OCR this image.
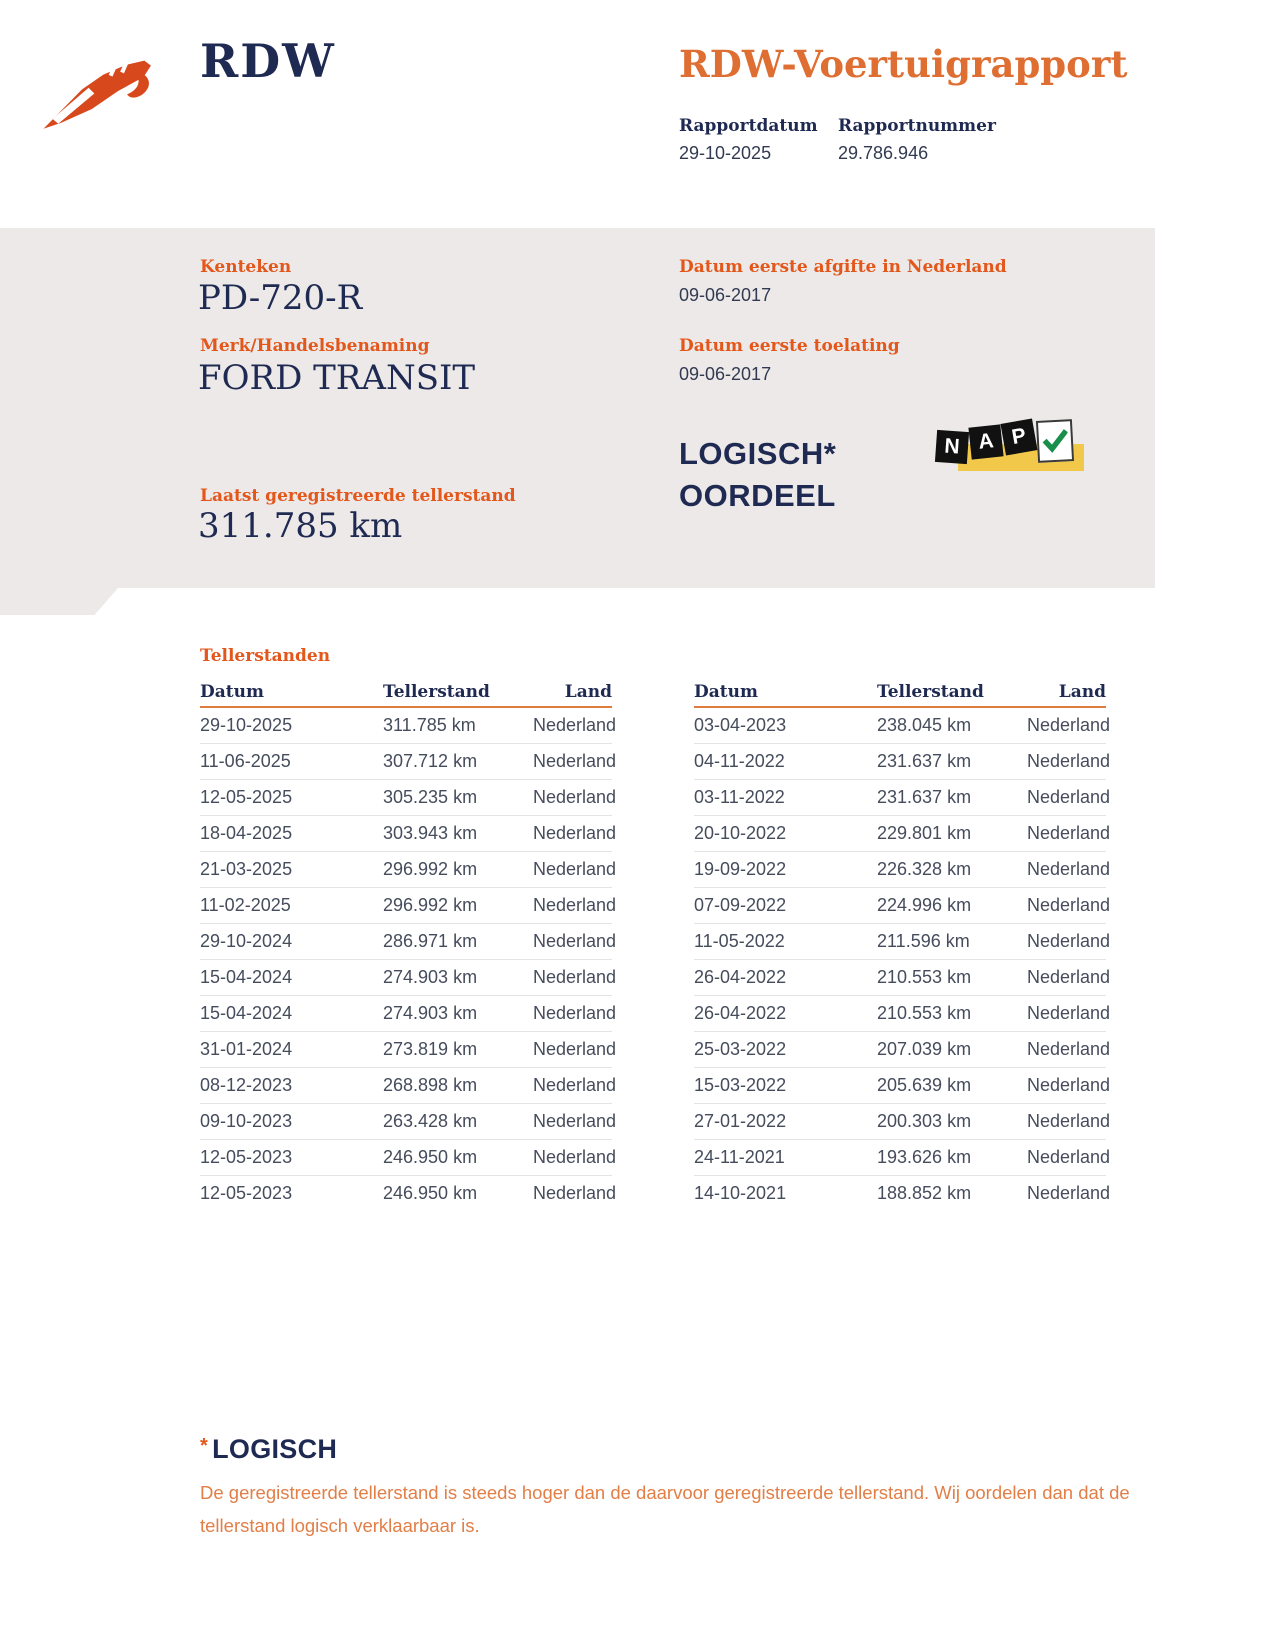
RDW	RDW-Voertuigrapport
Rapportdatum Rapportnummer
29-10-2025	29.786.946
Kenteken
PD-720-R
Merk/Handelsbenaming
FORD TRANSIT
Datum eerste afgifte in Nederland
09-06-2017
Datum eerste toelating
09-06-2017
LOGISCH*
OORDEEL
N A P
Laatst geregistreerde tellerstand
311.785 km
Tellerstanden
Datum	Tellerstand	Land
29-10-2025	311.785 km	Nederland
11-06-2025	307.712 km	Nederland
12-05-2025	305.235 km	Nederland
18-04-2025	303.943 km	Nederland
21-03-2025	296.992 km	Nederland
11-02-2025	296.992 km	Nederland
29-10-2024	286.971 km	Nederland
15-04-2024	274.903 km	Nederland
15-04-2024	274.903 km	Nederland
31-01-2024	273.819 km	Nederland
08-12-2023	268.898 km	Nederland
09-10-2023	263.428 km	Nederland
12-05-2023	246.950 km	Nederland
12-05-2023	246.950 km	Nederland
Datum	Tellerstand	Land
03-04-2023	238.045 km	Nederland
04-11-2022	231.637 km	Nederland
03-11-2022	231.637 km	Nederland
20-10-2022	229.801 km	Nederland
19-09-2022	226.328 km	Nederland
07-09-2022	224.996 km	Nederland
11-05-2022	211.596 km	Nederland
26-04-2022	210.553 km	Nederland
26-04-2022	210.553 km	Nederland
25-03-2022	207.039 km	Nederland
15-03-2022	205.639 km	Nederland
27-01-2022	200.303 km	Nederland
24-11-2021	193.626 km	Nederland
14-10-2021	188.852 km	Nederland
* LOGISCH
De geregistreerde tellerstand is steeds hoger dan de daarvoor geregistreerde tellerstand. Wij oordelen dan dat de tellerstand logisch verklaarbaar is.
